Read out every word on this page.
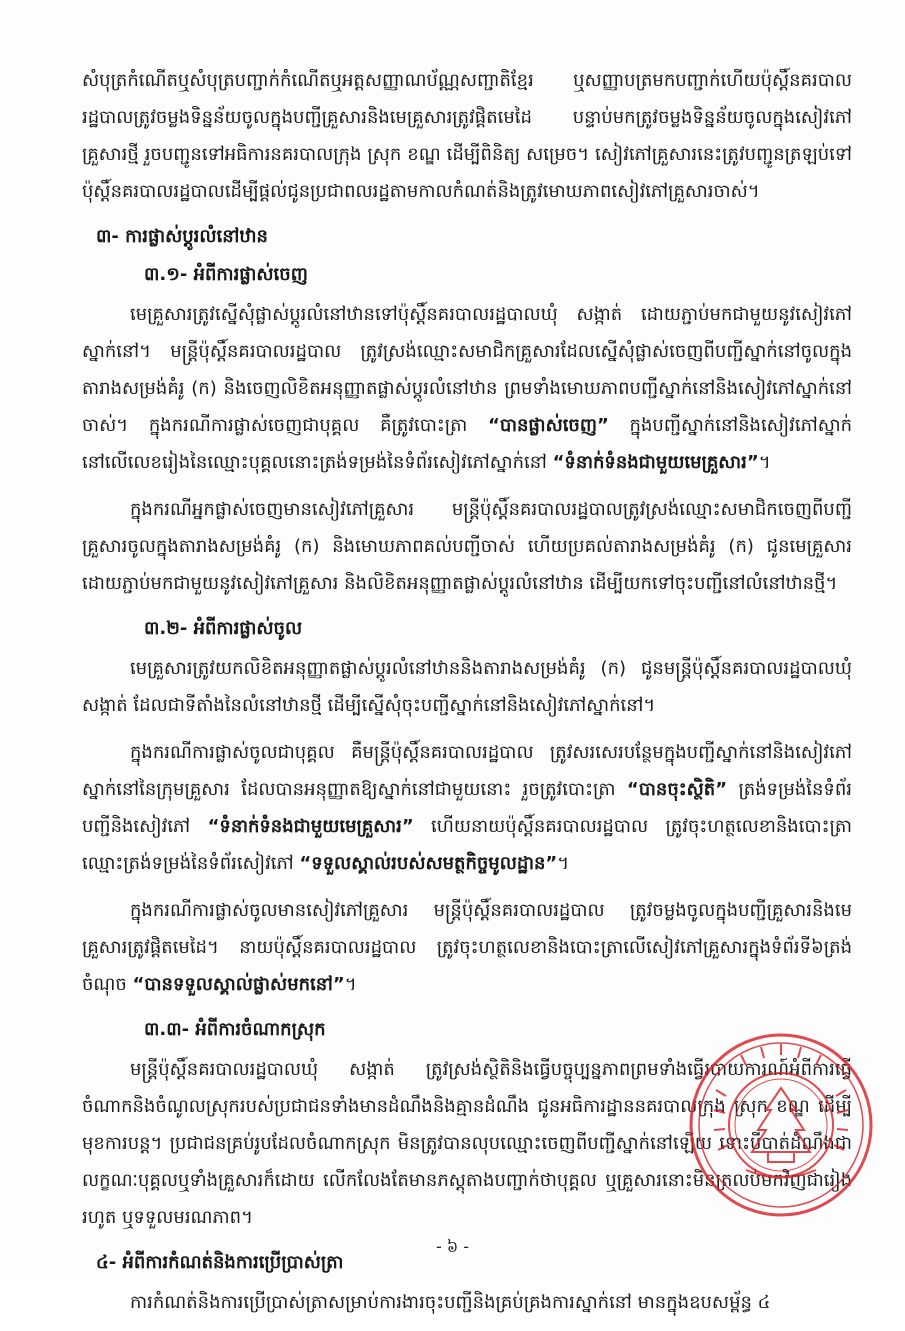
សំបុត្រកំណើតឬសំបុត្របញ្ជាក់កំណើតឬអត្តសញ្ញាណប័ណ្ណសញ្ជាតិខ្មែរ ឬសញ្ញាបត្រមកបញ្ជាក់ហើយប៉ុស្តិ៍នគរបាលរដ្ឋបាលត្រូវចម្លងទិន្នន័យចូលក្នុងបញ្ជីគ្រួសារនិងមេគ្រួសារត្រូវផ្តិតមេដៃ បន្ទាប់មកត្រូវចម្លងទិន្នន័យចូលក្នុងសៀវភៅគ្រួសារថ្មី រួចបញ្ជូនទៅអធិការនគរបាលក្រុង ស្រុក ខណ្ឌ ដើម្បីពិនិត្យ សម្រេច។ សៀវភៅគ្រួសារនេះត្រូវបញ្ជូនត្រឡប់ទៅប៉ុស្តិ៍នគរបាលរដ្ឋបាលដើម្បីផ្តល់ជូនប្រជាពលរដ្ឋតាមកាលកំណត់និងត្រូវមោឃភាពសៀវភៅគ្រួសារចាស់។

៣- ការផ្លាស់ប្តូរលំនៅឋាន
៣.១- អំពីការផ្លាស់ចេញ

មេគ្រួសារត្រូវស្នើសុំផ្លាស់ប្តូរលំនៅឋានទៅប៉ុស្តិ៍នគរបាលរដ្ឋបាលឃុំ សង្កាត់ ដោយភ្ជាប់មកជាមួយនូវសៀវភៅស្នាក់នៅ។ មន្ត្រីប៉ុស្តិ៍នគរបាលរដ្ឋបាល ត្រូវស្រង់ឈ្មោះសមាជិកគ្រួសារដែលស្នើសុំផ្លាស់ចេញពីបញ្ជីស្នាក់នៅចូលក្នុងតារាងសម្រង់គំរូ (ក) និងចេញលិខិតអនុញ្ញាតផ្លាស់ប្តូរលំនៅឋាន ព្រមទាំងមោឃភាពបញ្ជីស្នាក់នៅនិងសៀវភៅស្នាក់នៅចាស់។ ក្នុងករណីការផ្លាស់ចេញជាបុគ្គល គឺត្រូវបោះត្រា “បានផ្លាស់ចេញ” ក្នុងបញ្ជីស្នាក់នៅនិងសៀវភៅស្នាក់នៅលើលេខរៀងនៃឈ្មោះបុគ្គលនោះត្រង់ទម្រង់នៃទំព័រសៀវភៅស្នាក់នៅ “ទំនាក់ទំនងជាមួយមេគ្រួសារ”។

ក្នុងករណីអ្នកផ្លាស់ចេញមានសៀវភៅគ្រួសារ មន្ត្រីប៉ុស្តិ៍នគរបាលរដ្ឋបាលត្រូវស្រង់ឈ្មោះសមាជិកចេញពីបញ្ជីគ្រួសារចូលក្នុងតារាងសម្រង់គំរូ (ក) និងមោឃភាពគល់បញ្ជីចាស់ ហើយប្រគល់តារាងសម្រង់គំរូ (ក) ជូនមេគ្រួសារដោយភ្ជាប់មកជាមួយនូវសៀវភៅគ្រួសារ និងលិខិតអនុញ្ញាតផ្លាស់ប្តូរលំនៅឋាន ដើម្បីយកទៅចុះបញ្ជីនៅលំនៅឋានថ្មី។

៣.២- អំពីការផ្លាស់ចូល

មេគ្រួសារត្រូវយកលិខិតអនុញ្ញាតផ្លាស់ប្តូរលំនៅឋាននិងតារាងសម្រង់គំរូ (ក) ជូនមន្ត្រីប៉ុស្តិ៍នគរបាលរដ្ឋបាលឃុំ សង្កាត់ ដែលជាទីតាំងនៃលំនៅឋានថ្មី ដើម្បីស្នើសុំចុះបញ្ជីស្នាក់នៅនិងសៀវភៅស្នាក់នៅ។

ក្នុងករណីការផ្លាស់ចូលជាបុគ្គល គឺមន្ត្រីប៉ុស្តិ៍នគរបាលរដ្ឋបាល ត្រូវសរសេរបន្ថែមក្នុងបញ្ជីស្នាក់នៅនិងសៀវភៅស្នាក់នៅនៃក្រុមគ្រួសារ ដែលបានអនុញ្ញាតឱ្យស្នាក់នៅជាមួយនោះ រួចត្រូវបោះត្រា “បានចុះស្ថិតិ” ត្រង់ទម្រង់នៃទំព័របញ្ជីនិងសៀវភៅ “ទំនាក់ទំនងជាមួយមេគ្រួសារ” ហើយនាយប៉ុស្តិ៍នគរបាលរដ្ឋបាល ត្រូវចុះហត្ថលេខានិងបោះត្រាឈ្មោះត្រង់ទម្រង់នៃទំព័រសៀវភៅ “ទទួលស្គាល់របស់សមត្ថកិច្ចមូលដ្ឋាន”។

ក្នុងករណីការផ្លាស់ចូលមានសៀវភៅគ្រួសារ មន្ត្រីប៉ុស្តិ៍នគរបាលរដ្ឋបាល ត្រូវចម្លងចូលក្នុងបញ្ជីគ្រួសារនិងមេគ្រួសារត្រូវផ្តិតមេដៃ។ នាយប៉ុស្តិ៍នគរបាលរដ្ឋបាល ត្រូវចុះហត្ថលេខានិងបោះត្រាលើសៀវភៅគ្រួសារក្នុងទំព័រទី៦ត្រង់ចំណុច “បានទទួលស្គាល់ផ្លាស់មកនៅ”។

៣.៣- អំពីការចំណាកស្រុក

មន្ត្រីប៉ុស្តិ៍នគរបាលរដ្ឋបាលឃុំ សង្កាត់ ត្រូវស្រង់ស្ថិតិនិងធ្វើបច្ចុប្បន្នភាពព្រមទាំងធ្វើរបាយការណ៍អំពីការធ្វើចំណាកនិងចំណូលស្រុករបស់ប្រជាជនទាំងមានដំណឹងនិងគ្មានដំណឹង ជូនអធិការដ្ឋាននគរបាលក្រុង ស្រុក ខណ្ឌ ដើម្បីមុខការបន្ត។ ប្រជាជនគ្រប់រូបដែលចំណាកស្រុក មិនត្រូវបានលុបឈ្មោះចេញពីបញ្ជីស្នាក់នៅឡើយ ទោះបីបាត់ដំណឹងជាលក្ខណៈបុគ្គលឬទាំងគ្រួសារក៏ដោយ លើកលែងតែមានភស្តុតាងបញ្ជាក់ថាបុគ្គល ឬគ្រួសារនោះមិនត្រលប់មកវិញជារៀងរហូត ឬទទួលមរណភាព។

៤- អំពីការកំណត់និងការប្រើប្រាស់ត្រា

ការកំណត់និងការប្រើប្រាស់ត្រាសម្រាប់ការងារចុះបញ្ជីនិងគ្រប់គ្រងការស្នាក់នៅ មានក្នុងឧបសម្ព័ន្ធ ៤

- ៦ -
